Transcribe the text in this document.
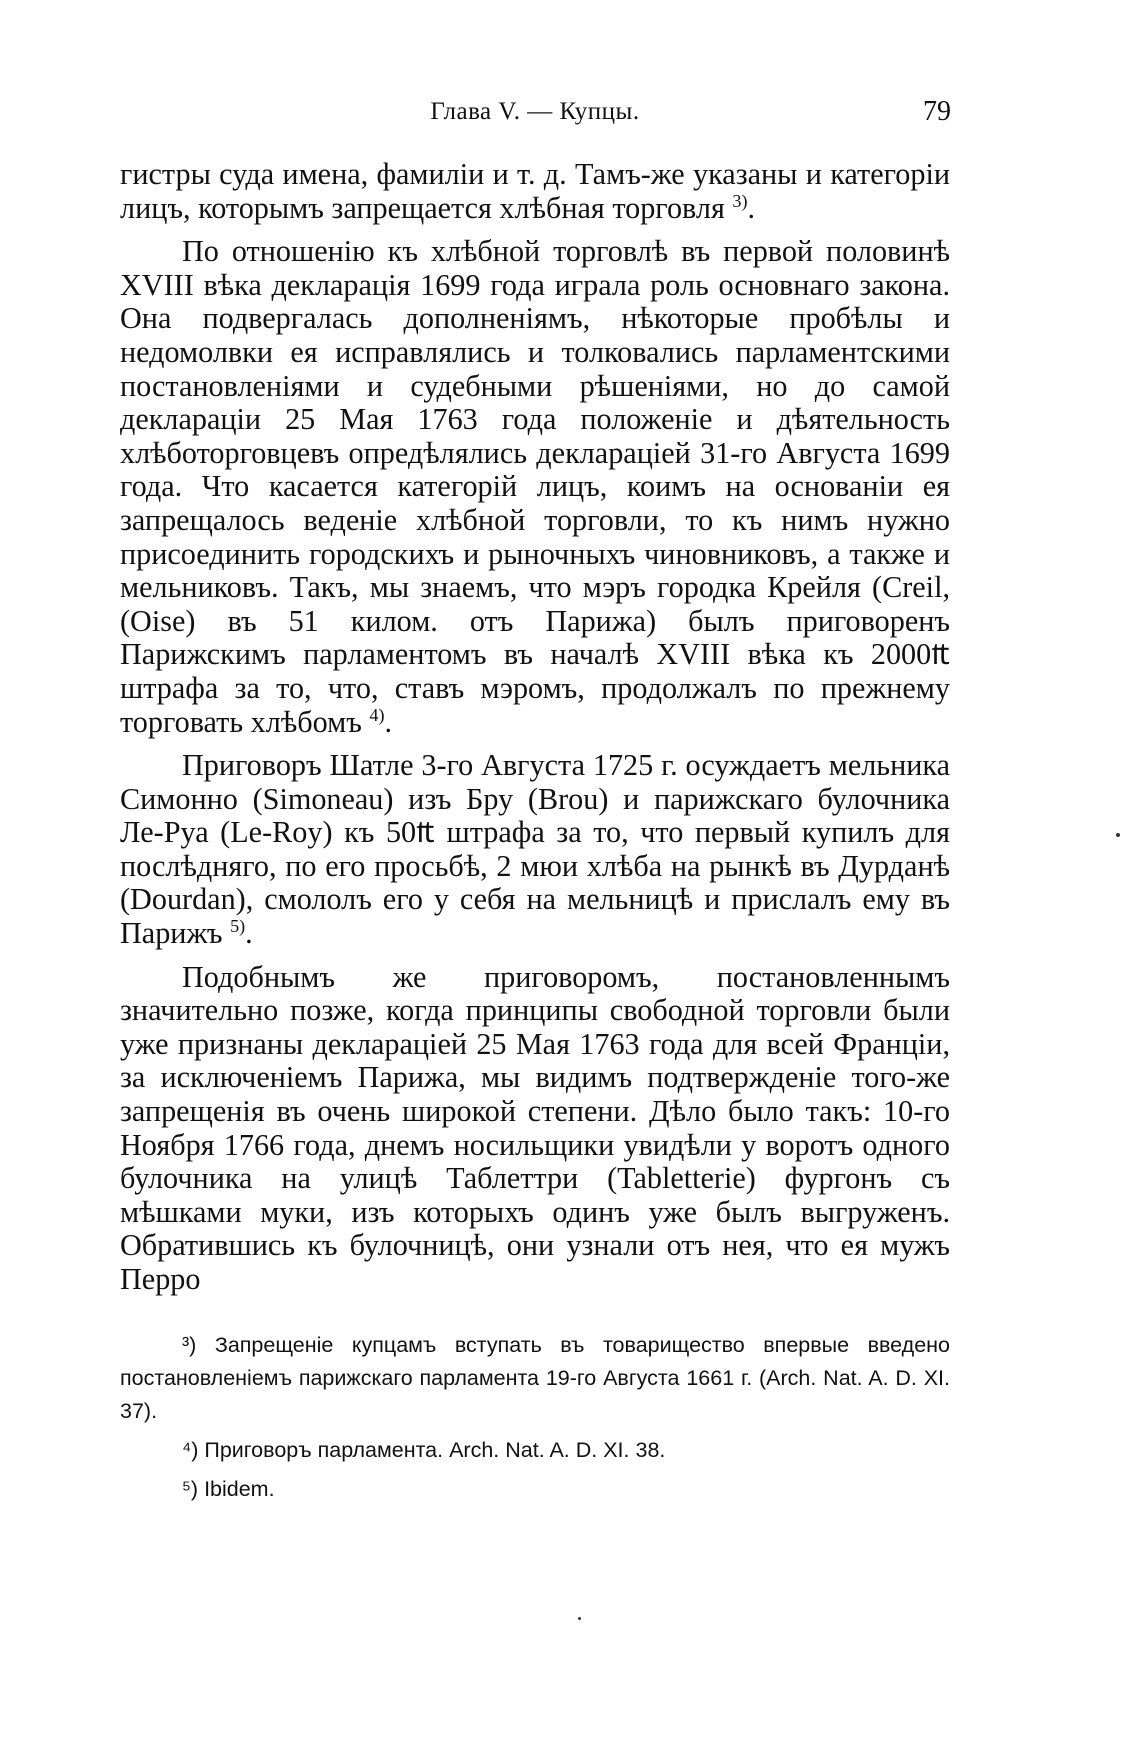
Глава V. — Купцы.	79

гистры суда имена, фамиліи и т. д. Тамъ-же указаны и категоріи лицъ, которымъ запрещается хлѣбная торговля $^{3)}$.

По отношенію къ хлѣбной торговлѣ въ первой половинѣ XVIII вѣка декларація 1699 года играла роль основнаго закона. Она подвергалась дополненіямъ, нѣкоторые пробѣлы и недомолвки ея исправлялись и толковались парламентскими постановленіями и судебными рѣшеніями, но до самой деклараціи 25 Мая 1763 года положеніе и дѣятельность хлѣботорговцевъ опредѣлялись деклараціей 31-го Августа 1699 года. Что касается категорій лицъ, коимъ на основаніи ея запрещалось веденіе хлѣбной торговли, то къ нимъ нужно присоединить городскихъ и рыночныхъ чиновниковъ, а также и мельниковъ. Такъ, мы знаемъ, что мэръ городка Крейля (Creil, (Oise) въ 51 килом. отъ Парижа) былъ приговоренъ Парижскимъ парламентомъ въ началѣ XVIII вѣка къ 2000₶ штрафа за то, что, ставъ мэромъ, продолжалъ по прежнему торговать хлѣбомъ $^{4)}$.

Приговоръ Шатле 3-го Августа 1725 г. осуждаетъ мельника Симонно (Simoneau) изъ Бру (Brou) и парижскаго булочника Ле-Руа (Le-Roy) къ 50₶ штрафа за то, что первый купилъ для послѣдняго, по его просьбѣ, 2 мюи хлѣба на рынкѣ въ Дурданѣ (Dourdan), смололъ его у себя на мельницѣ и прислалъ ему въ Парижъ $^{5)}$.

Подобнымъ же приговоромъ, постановленнымъ значительно позже, когда принципы свободной торговли были уже признаны деклараціей 25 Мая 1763 года для всей Франціи, за исключеніемъ Парижа, мы видимъ подтвержденіе того-же запрещенія въ очень широкой степени. Дѣло было такъ: 10-го Ноября 1766 года, днемъ носильщики увидѣли у воротъ одного булочника на улицѣ Таблеттри (Tabletterie) фургонъ съ мѣшками муки, изъ которыхъ одинъ уже былъ выгруженъ. Обратившись къ булочницѣ, они узнали отъ нея, что ея мужъ Перро

³) Запрещеніе купцамъ вступать въ товарищество впервые введено постановленіемъ парижскаго парламента 19-го Августа 1661 г. (Arch. Nat. A. D. XI. 37).

⁴) Приговоръ парламента. Arch. Nat. A. D. XI. 38.

⁵) Ibidem.
